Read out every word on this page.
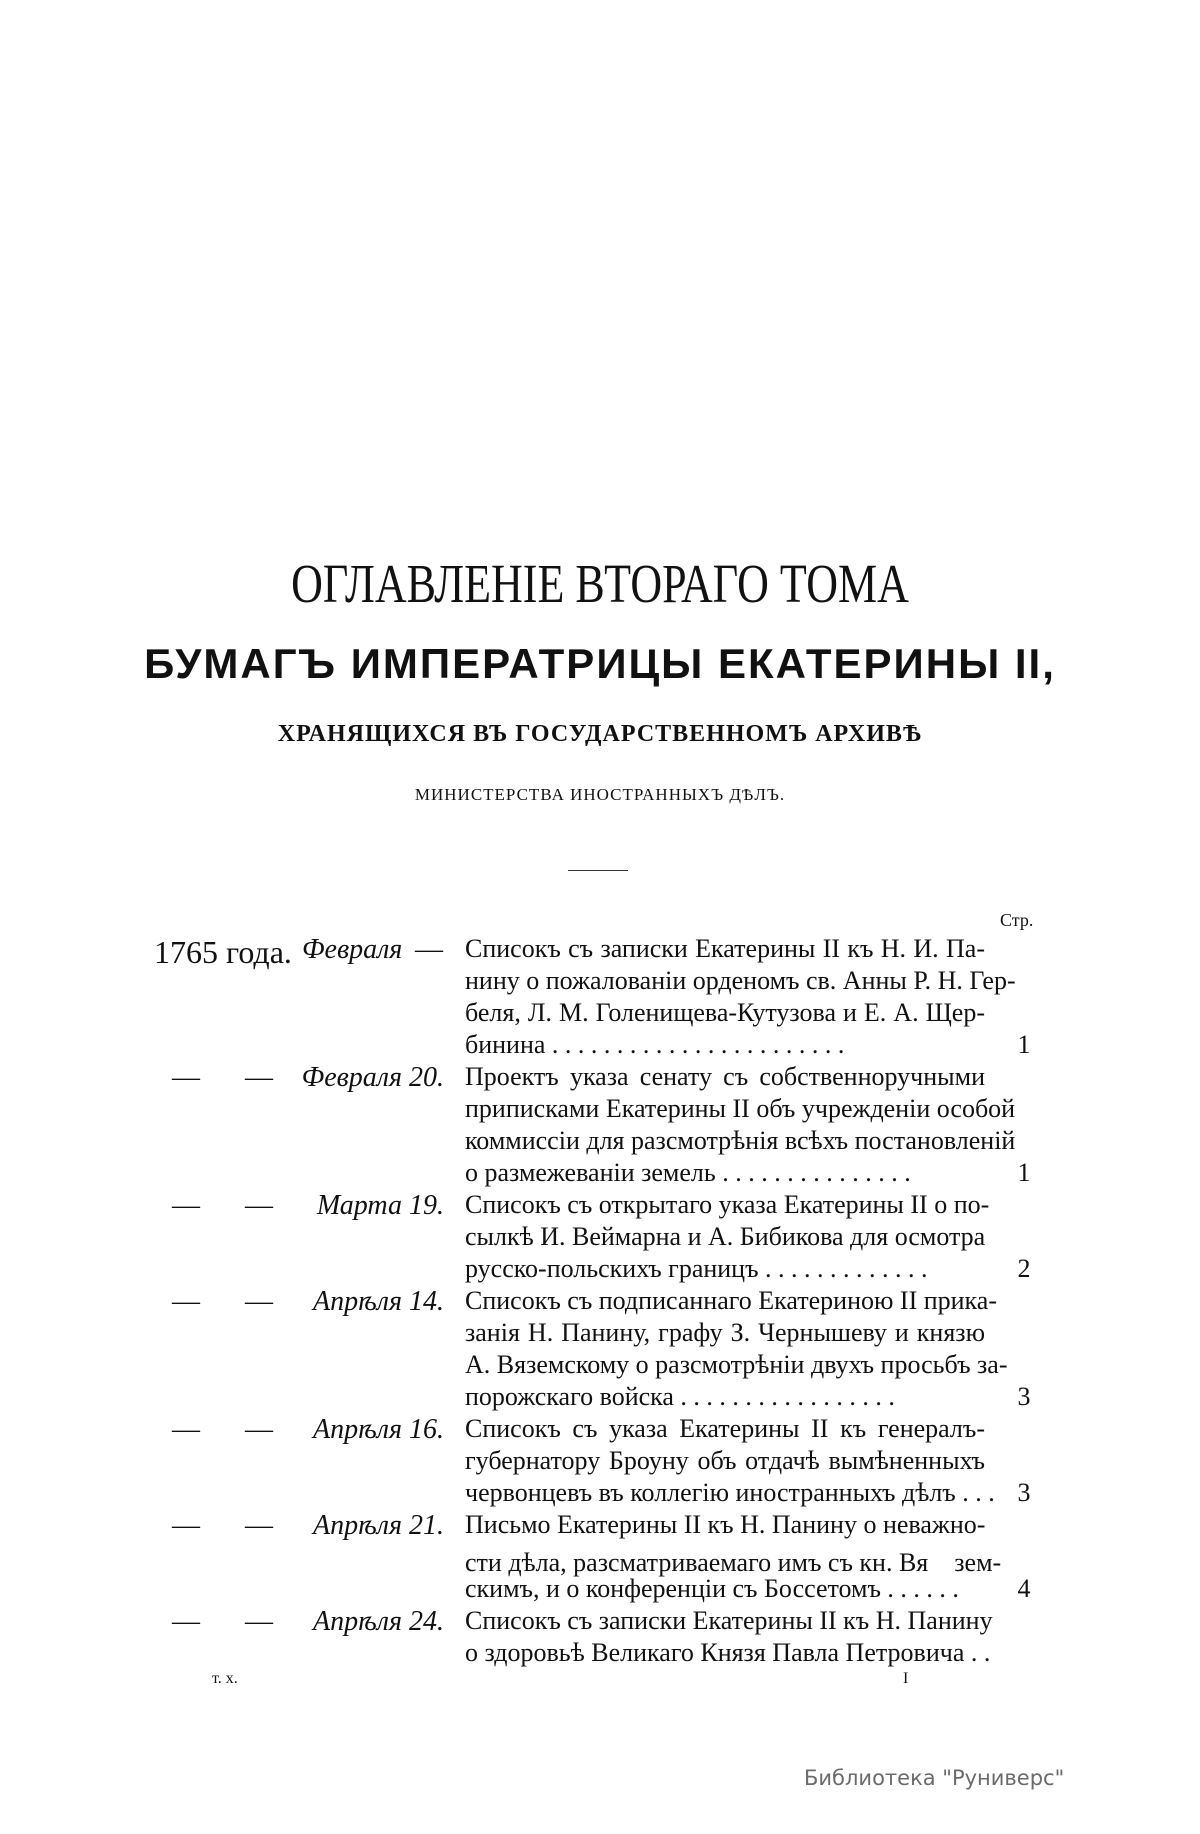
ОГЛАВЛЕНІЕ ВТОРАГО ТОМА
БУМАГЪ ИМПЕРАТРИЦЫ ЕКАТЕРИНЫ II,
ХРАНЯЩИХСЯ ВЪ ГОСУДАРСТВЕННОМЪ АРХИВѢ
МИНИСТЕРСТВА ИНОСТРАННЫХЪ ДѢЛЪ.
Стр.
1765 года. Февраля — Списокъ съ записки Екатерины II къ Н. И. Па-
нину о пожалованіи орденомъ св. Анны Р. Н. Гер-
беля, Л. М. Голенищева-Кутузова и Е. А. Щер-
бинина . . . . . . . . . . . . . . . . . . . . . . .	1
— — Февраля 20. Проектъ указа сенату съ собственноручными
приписками Екатерины II объ учрежденіи особой
коммиссіи для разсмотрѣнія всѣхъ постановленій
о размежеваніи земель . . . . . . . . . . . . . . .	1
— — Марта 19. Списокъ съ открытаго указа Екатерины II о по-
сылкѣ И. Веймарна и А. Бибикова для осмотра
русско-польскихъ границъ . . . . . . . . . . . . .	2
— — Апрѣля 14. Списокъ съ подписаннаго Екатериною II прика-
занія Н. Панину, графу З. Чернышеву и князю
А. Вяземскому о разсмотрѣніи двухъ просьбъ за-
порожскаго войска . . . . . . . . . . . . . . . . .	3
— — Апрѣля 16. Списокъ съ указа Екатерины II къ генералъ-
губернатору Броуну объ отдачѣ вымѣненныхъ
червонцевъ въ коллегію иностранныхъ дѣлъ . . . 3
— — Апрѣля 21. Письмо Екатерины II къ Н. Панину о неважно-
сти дѣла, разсматриваемаго имъ съ кн. Вя　зем-
скимъ, и о конференціи съ Боссетомъ . . . . . .	4
— — Апрѣля 24. Списокъ съ записки Екатерины II къ Н. Панину
о здоровьѣ Великаго Князя Павла Петровича . .
т. х.	I
Библиотека "Руниверс"
